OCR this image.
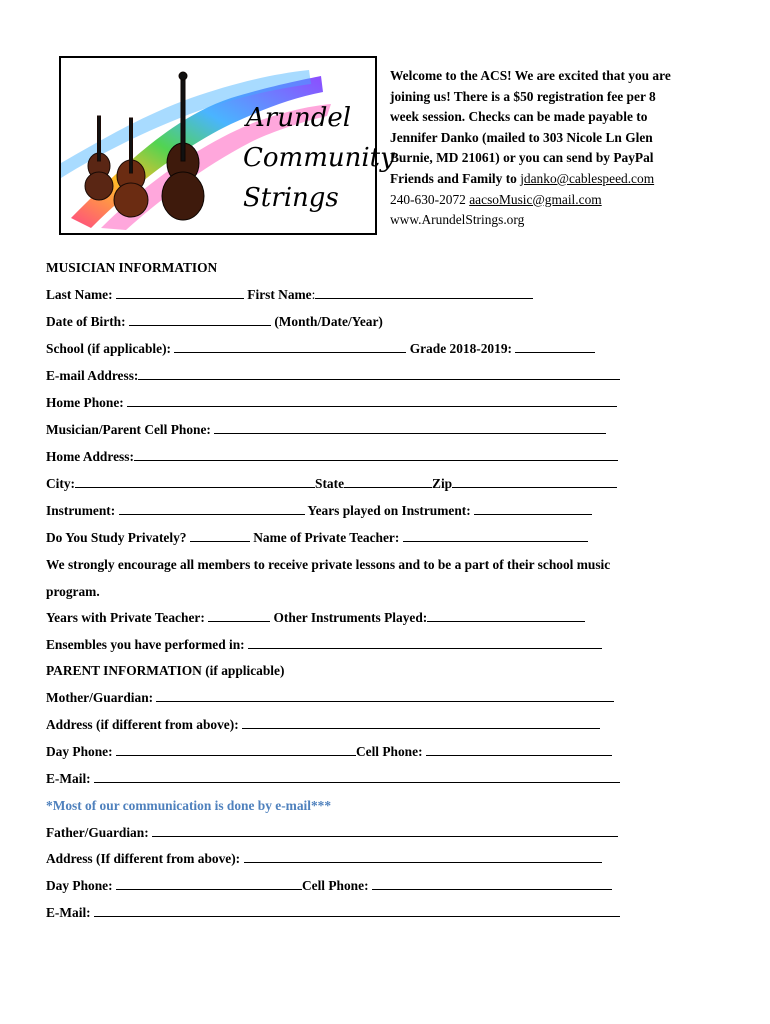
Arundel
Community
Strings
Welcome to the ACS! We are excited that you are
joining us! There is a $50 registration fee per 8
week session. Checks can be made payable to
Jennifer Danko (mailed to 303 Nicole Ln Glen
Burnie, MD 21061) or you can send by PayPal
Friends and Family to jdanko@cablespeed.com
240-630-2072 aacsoMusic@gmail.com
www.ArundelStrings.org
MUSICIAN INFORMATION
Last Name:	First Name:
Date of Birth:	(Month/Date/Year)
School (if applicable):	Grade 2018-2019:
E-mail Address:
Home Phone:
Musician/Parent Cell Phone:
Home Address:
City:	State	Zip
Instrument:	Years played on Instrument:
Do You Study Privately?	Name of Private Teacher:
We strongly encourage all members to receive private lessons and to be a part of their school music
program.
Years with Private Teacher:	Other Instruments Played:
Ensembles you have performed in:
PARENT INFORMATION (if applicable)
Mother/Guardian:
Address (if different from above):
Day Phone:	Cell Phone:
E-Mail:
*Most of our communication is done by e-mail***
Father/Guardian:
Address (If different from above):
Day Phone:	Cell Phone:
E-Mail:
